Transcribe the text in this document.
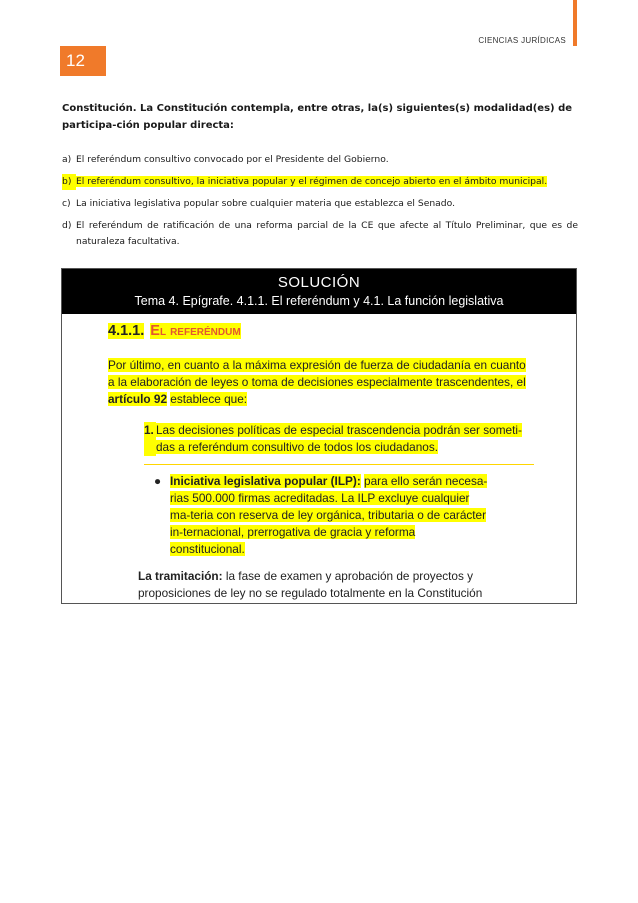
CIENCIAS JURÍDICAS
12
Constitución. La Constitución contempla, entre otras, la(s) siguientes(s) modalidad(es) de participa-ción popular directa:
a) El referéndum consultivo convocado por el Presidente del Gobierno.
b) El referéndum consultivo, la iniciativa popular y el régimen de concejo abierto en el ámbito municipal.
c) La iniciativa legislativa popular sobre cualquier materia que establezca el Senado.
d) El referéndum de ratificación de una reforma parcial de la CE que afecte al Título Preliminar, que es de naturaleza facultativa.
SOLUCIÓN
Tema 4. Epígrafe. 4.1.1. El referéndum y 4.1. La función legislativa
4.1.1. El referéndum
Por último, en cuanto a la máxima expresión de fuerza de ciudadanía en cuanto a la elaboración de leyes o toma de decisiones especialmente trascendentes, el artículo 92 establece que:
1. Las decisiones políticas de especial trascendencia podrán ser someti-das a referéndum consultivo de todos los ciudadanos.
● Iniciativa legislativa popular (ILP): para ello serán necesa-rias 500.000 firmas acreditadas. La ILP excluye cualquier ma-teria con reserva de ley orgánica, tributaria o de carácter in-ternacional, prerrogativa de gracia y reforma constitucional.
La tramitación: la fase de examen y aprobación de proyectos y proposiciones de ley no se regulado totalmente en la Constitución
